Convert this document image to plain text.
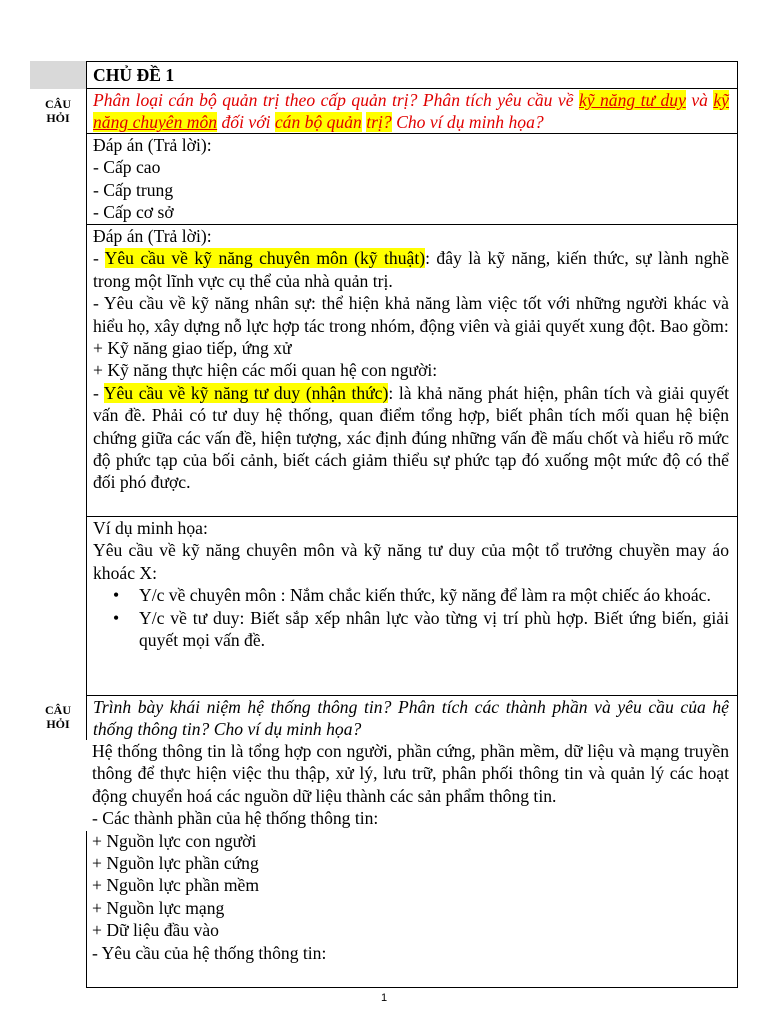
CHỦ ĐỀ 1
CÂU
HỎI
Phân loại cán bộ quản trị theo cấp quản trị? Phân tích yêu cầu về kỹ năng tư duy và kỹ năng chuyên môn đối với cán bộ quản trị? Cho ví dụ minh họa?
Đáp án (Trả lời):
- Cấp cao
- Cấp trung
- Cấp cơ sở
Đáp án (Trả lời):
- Yêu cầu về kỹ năng chuyên môn (kỹ thuật): đây là kỹ năng, kiến thức, sự lành nghề trong một lĩnh vực cụ thể của nhà quản trị.
- Yêu cầu về kỹ năng nhân sự: thể hiện khả năng làm việc tốt với những người khác và hiểu họ, xây dựng nỗ lực hợp tác trong nhóm, động viên và giải quyết xung đột. Bao gồm:
+ Kỹ năng giao tiếp, ứng xử
+ Kỹ năng thực hiện các mối quan hệ con người:
- Yêu cầu về kỹ năng tư duy (nhận thức): là khả năng phát hiện, phân tích và giải quyết vấn đề. Phải có tư duy hệ thống, quan điểm tổng hợp, biết phân tích mối quan hệ biện chứng giữa các vấn đề, hiện tượng, xác định đúng những vấn đề mấu chốt và hiểu rõ mức độ phức tạp của bối cảnh, biết cách giảm thiểu sự phức tạp đó xuống một mức độ có thể đối phó được.
Ví dụ minh họa:
Yêu cầu về kỹ năng chuyên môn và kỹ năng tư duy của một tổ trưởng chuyền may áo khoác X:
• Y/c về chuyên môn : Nắm chắc kiến thức, kỹ năng để làm ra một chiếc áo khoác.
• Y/c về tư duy: Biết sắp xếp nhân lực vào từng vị trí phù hợp. Biết ứng biến, giải quyết mọi vấn đề.
CÂU
HỎI
Trình bày khái niệm hệ thống thông tin? Phân tích các thành phần và yêu cầu của hệ thống thông tin? Cho ví dụ minh họa?
Hệ thống thông tin là tổng hợp con người, phần cứng, phần mềm, dữ liệu và mạng truyền thông để thực hiện việc thu thập, xử lý, lưu trữ, phân phối thông tin và quản lý các hoạt động chuyển hoá các nguồn dữ liệu thành các sản phẩm thông tin.
- Các thành phần của hệ thống thông tin:
+ Nguồn lực con người
+ Nguồn lực phần cứng
+ Nguồn lực phần mềm
+ Nguồn lực mạng
+ Dữ liệu đầu vào
- Yêu cầu của hệ thống thông tin:
1
